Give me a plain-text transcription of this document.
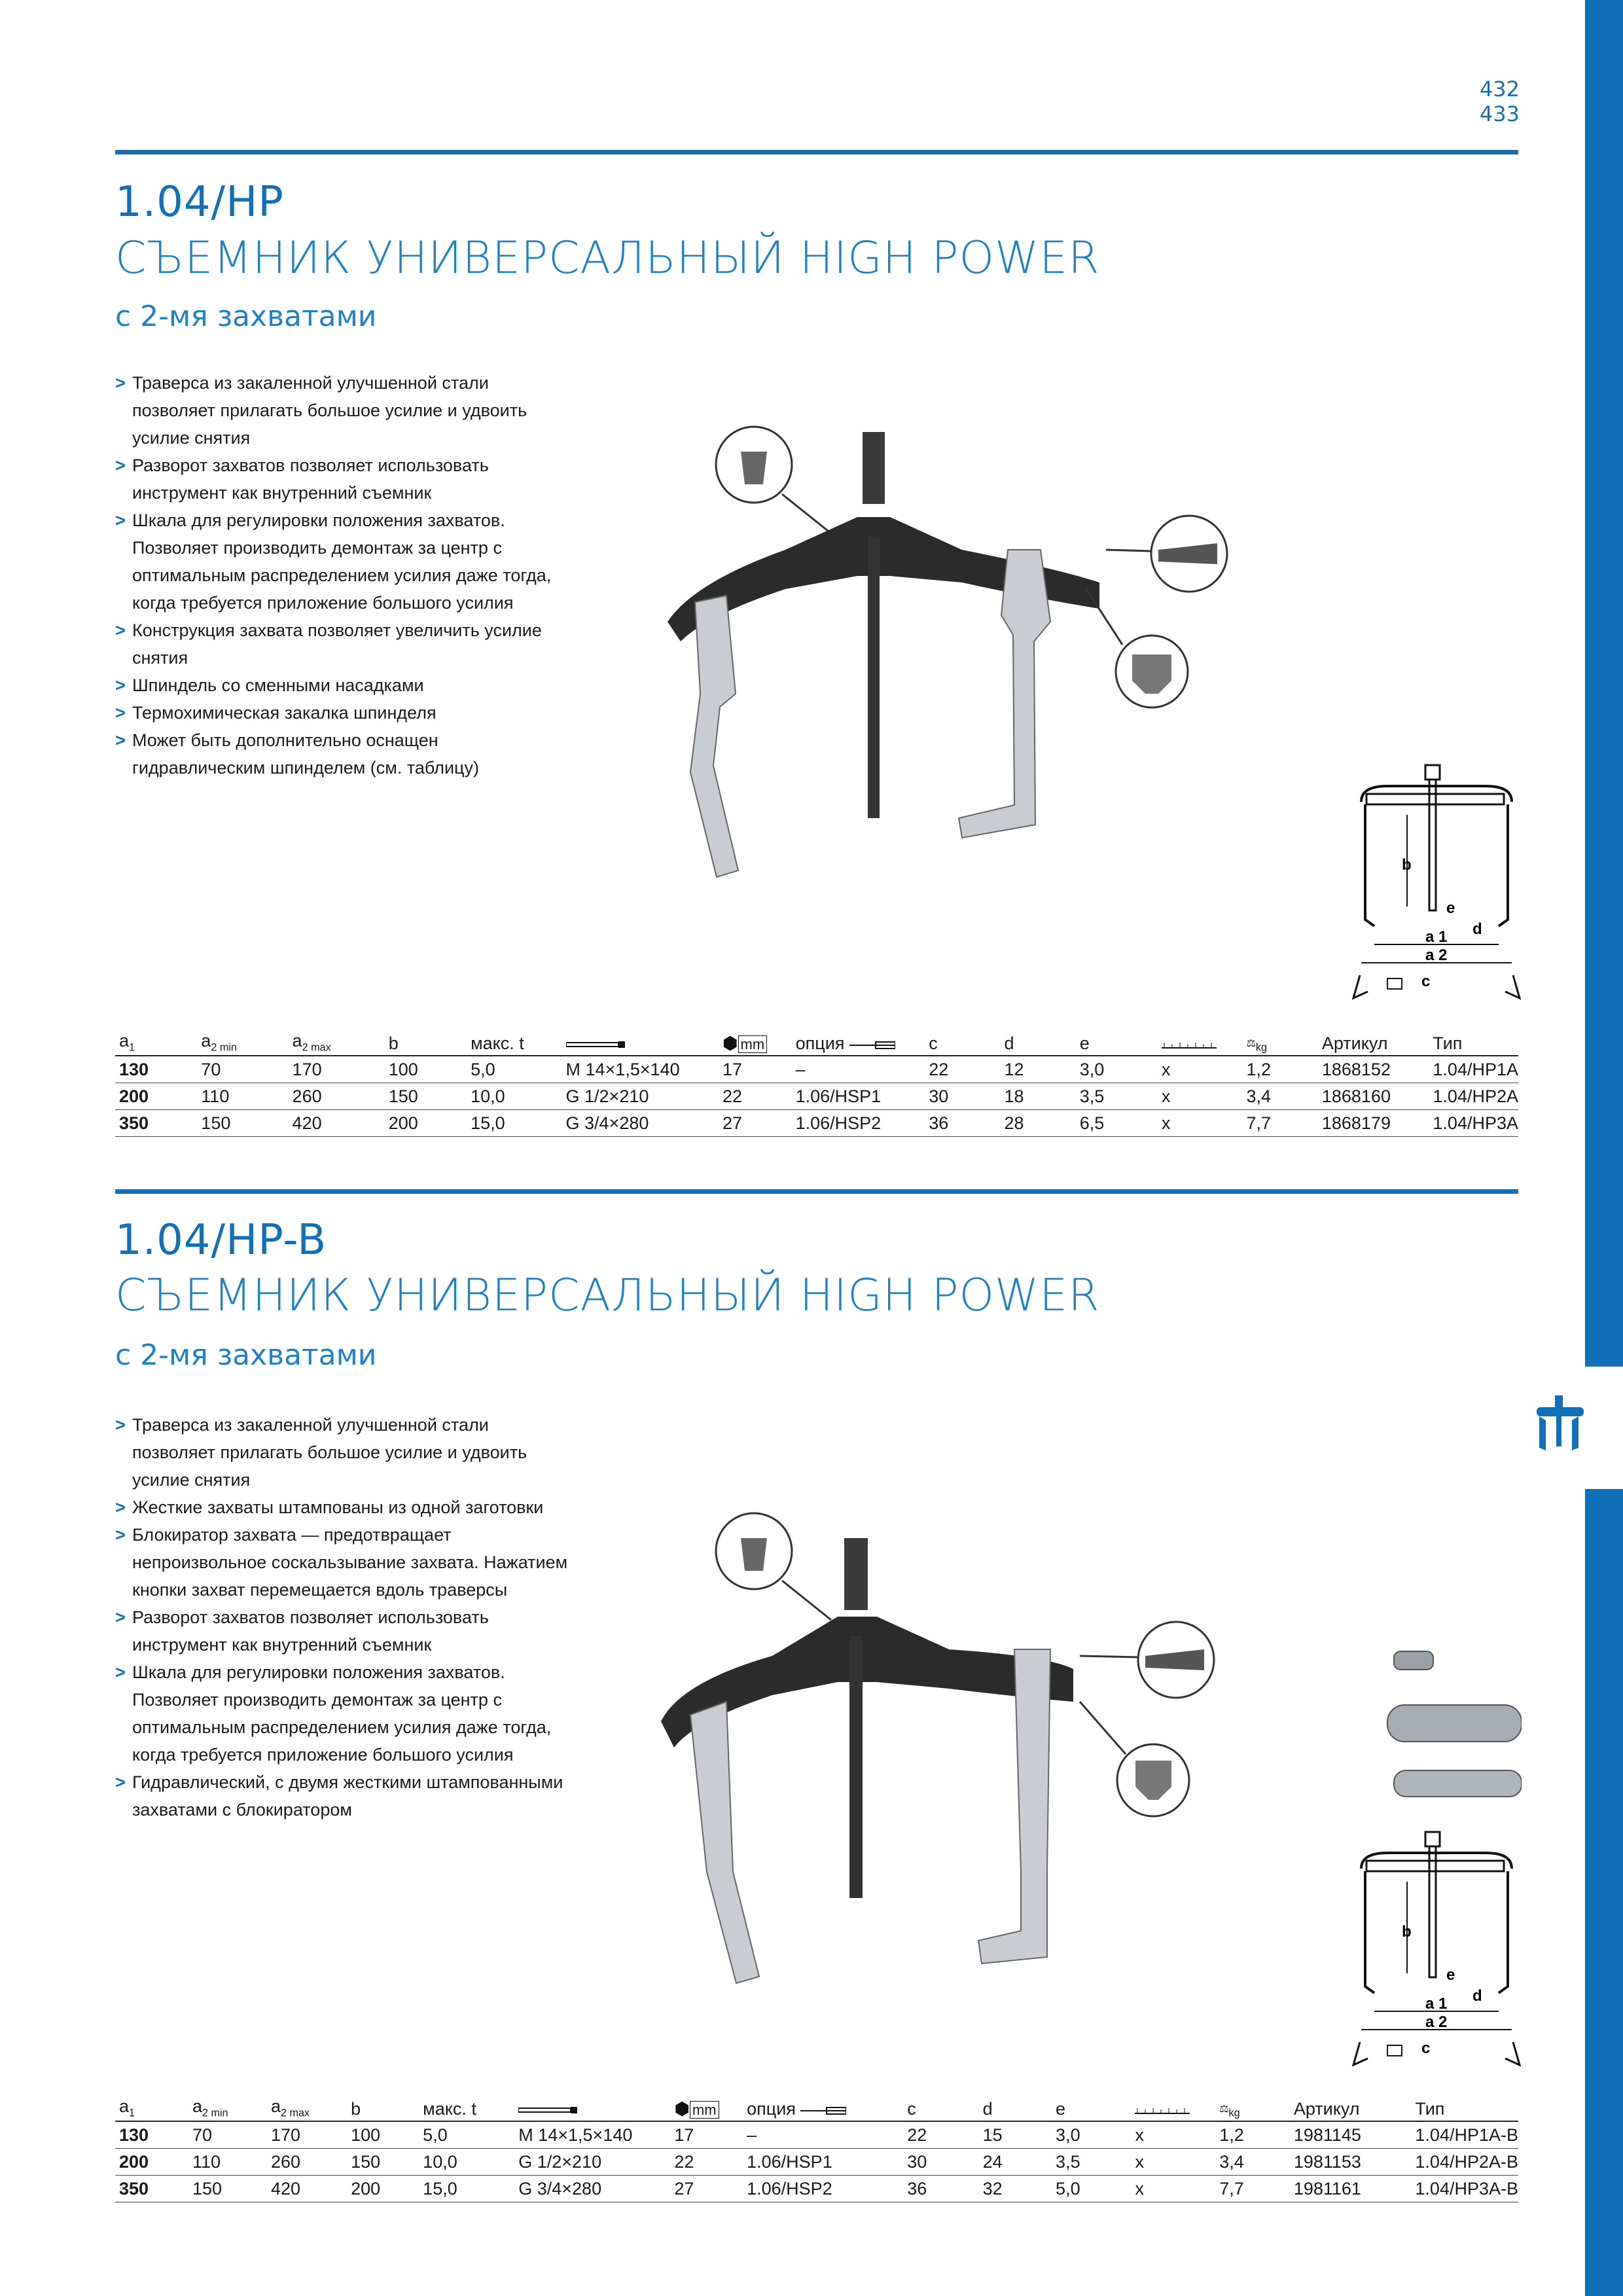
432
433
1.04/HP
СЪЕМНИК УНИВЕРСАЛЬНЫЙ HIGH POWER
с 2-мя захватами
> Траверса из закаленной улучшенной стали позволяет прилагать большое усилие и удвоить усилие снятия
> Разворот захватов позволяет использовать инструмент как внутренний съемник
> Шкала для регулировки положения захватов. Позволяет производить демонтаж за центр с оптимальным распределением усилия даже тогда, когда требуется приложение большого усилия
> Конструкция захвата позволяет увеличить усилие снятия
> Шпиндель со сменными насадками
> Термохимическая закалка шпинделя
> Может быть дополнительно оснащен гидравлическим шпинделем (см. таблицу)
b
e
d
a 1
a 2
c
$a_1$	$a_{2 min}$	$a_{2 max}$	b	макс. t		⬢ mm	опция	c	d	e		$⚖_{kg}$	Артикул	Тип
130	70	170	100	5,0	M 14×1,5×140	17	–	22	12	3,0	x	1,2	1868152	1.04/HP1A
200	110	260	150	10,0	G 1/2×210	22	1.06/HSP1	30	18	3,5	x	3,4	1868160	1.04/HP2A
350	150	420	200	15,0	G 3/4×280	27	1.06/HSP2	36	28	6,5	x	7,7	1868179	1.04/HP3A
1.04/HP-B
СЪЕМНИК УНИВЕРСАЛЬНЫЙ HIGH POWER
с 2-мя захватами
> Траверса из закаленной улучшенной стали позволяет прилагать большое усилие и удвоить усилие снятия
> Жесткие захваты штампованы из одной заготовки
> Блокиратор захвата — предотвращает непроизвольное соскальзывание захвата. Нажатием кнопки захват перемещается вдоль траверсы
> Разворот захватов позволяет использовать инструмент как внутренний съемник
> Шкала для регулировки положения захватов. Позволяет производить демонтаж за центр с оптимальным распределением усилия даже тогда, когда требуется приложение большого усилия
> Гидравлический, с двумя жесткими штампованными захватами с блокиратором
b
e
d
a 1
a 2
c
$a_1$	$a_{2 min}$	$a_{2 max}$	b	макс. t		⬢ mm	опция	c	d	e		$⚖_{kg}$	Артикул	Тип
130	70	170	100	5,0	M 14×1,5×140	17	–	22	15	3,0	x	1,2	1981145	1.04/HP1A-B
200	110	260	150	10,0	G 1/2×210	22	1.06/HSP1	30	24	3,5	x	3,4	1981153	1.04/HP2A-B
350	150	420	200	15,0	G 3/4×280	27	1.06/HSP2	36	32	5,0	x	7,7	1981161	1.04/HP3A-B
